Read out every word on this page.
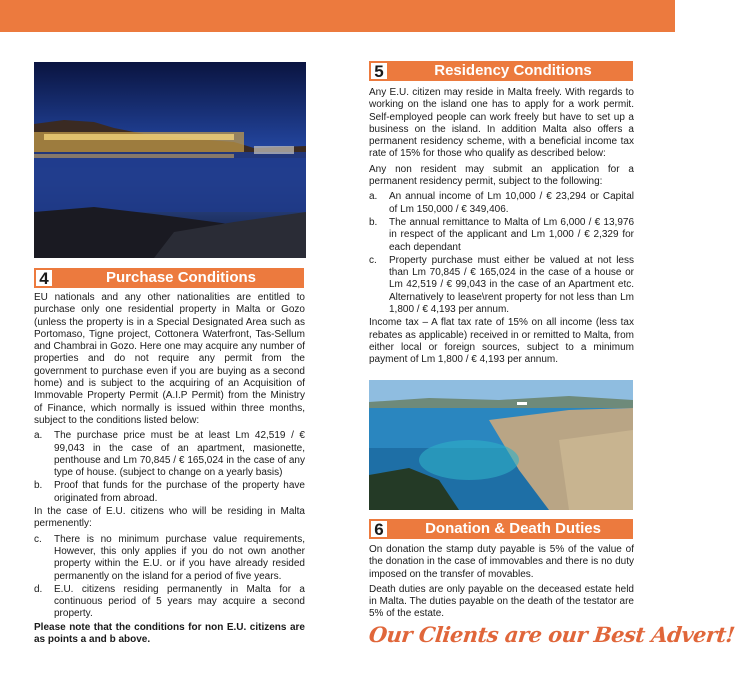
4	Purchase Conditions

EU nationals and any other nationalities are entitled to purchase only one residential property in Malta or Gozo (unless the property is in a Special Designated Area such as Portomaso, Tigne project, Cottonera Waterfront, Tas-Sellum and Chambrai in Gozo. Here one may acquire any number of properties and do not require any permit from the government to purchase even if you are buying as a second home) and is subject to the acquiring of an Acquisition of Immovable Property Permit (A.I.P Permit) from the Ministry of Finance, which normally is issued within three months, subject to the conditions listed below:

a. The purchase price must be at least Lm 42,519 / € 99,043 in the case of an apartment, masionette, penthouse and Lm 70,845 / € 165,024 in the case of any type of house. (subject to change on a yearly basis)
b. Proof that funds for the purchase of the property have originated from abroad.

In the case of E.U. citizens who will be residing in Malta permenently:

c. There is no minimum purchase value requirements, However, this only applies if you do not own another property within the E.U. or if you have already resided permanently on the island for a period of five years.
d. E.U. citizens residing permanently in Malta for a continuous period of 5 years may acquire a second property.

Please note that the conditions for non E.U. citizens are as points a and b above.

5	Residency Conditions

Any E.U. citizen may reside in Malta freely. With regards to working on the island one has to apply for a work permit. Self-employed people can work freely but have to set up a business on the island. In addition Malta also offers a permanent residency scheme, with a beneficial income tax rate of 15% for those who qualify as described below:

Any non resident may submit an application for a permanent residency permit, subject to the following:

a. An annual income of Lm 10,000 / € 23,294 or Capital of Lm 150,000 / € 349,406.
b. The annual remittance to Malta of Lm 6,000 / € 13,976 in respect of the applicant and Lm 1,000 / € 2,329 for each dependant
c. Property purchase must either be valued at not less than Lm 70,845 / € 165,024 in the case of a house or Lm 42,519 / € 99,043 in the case of an Apartment etc. Alternatively to lease\rent property for not less than Lm 1,800 / € 4,193 per annum.

Income tax – A flat tax rate of 15% on all income (less tax rebates as applicable) received in or remitted to Malta, from either local or foreign sources, subject to a minimum payment of Lm 1,800 / € 4,193 per annum.

6	Donation & Death Duties

On donation the stamp duty payable is 5% of the value of the donation in the case of immovables and there is no duty imposed on the transfer of movables.

Death duties are only payable on the deceased estate held in Malta. The duties payable on the death of the testator are 5% of the estate.

Our Clients are our Best Advert!
